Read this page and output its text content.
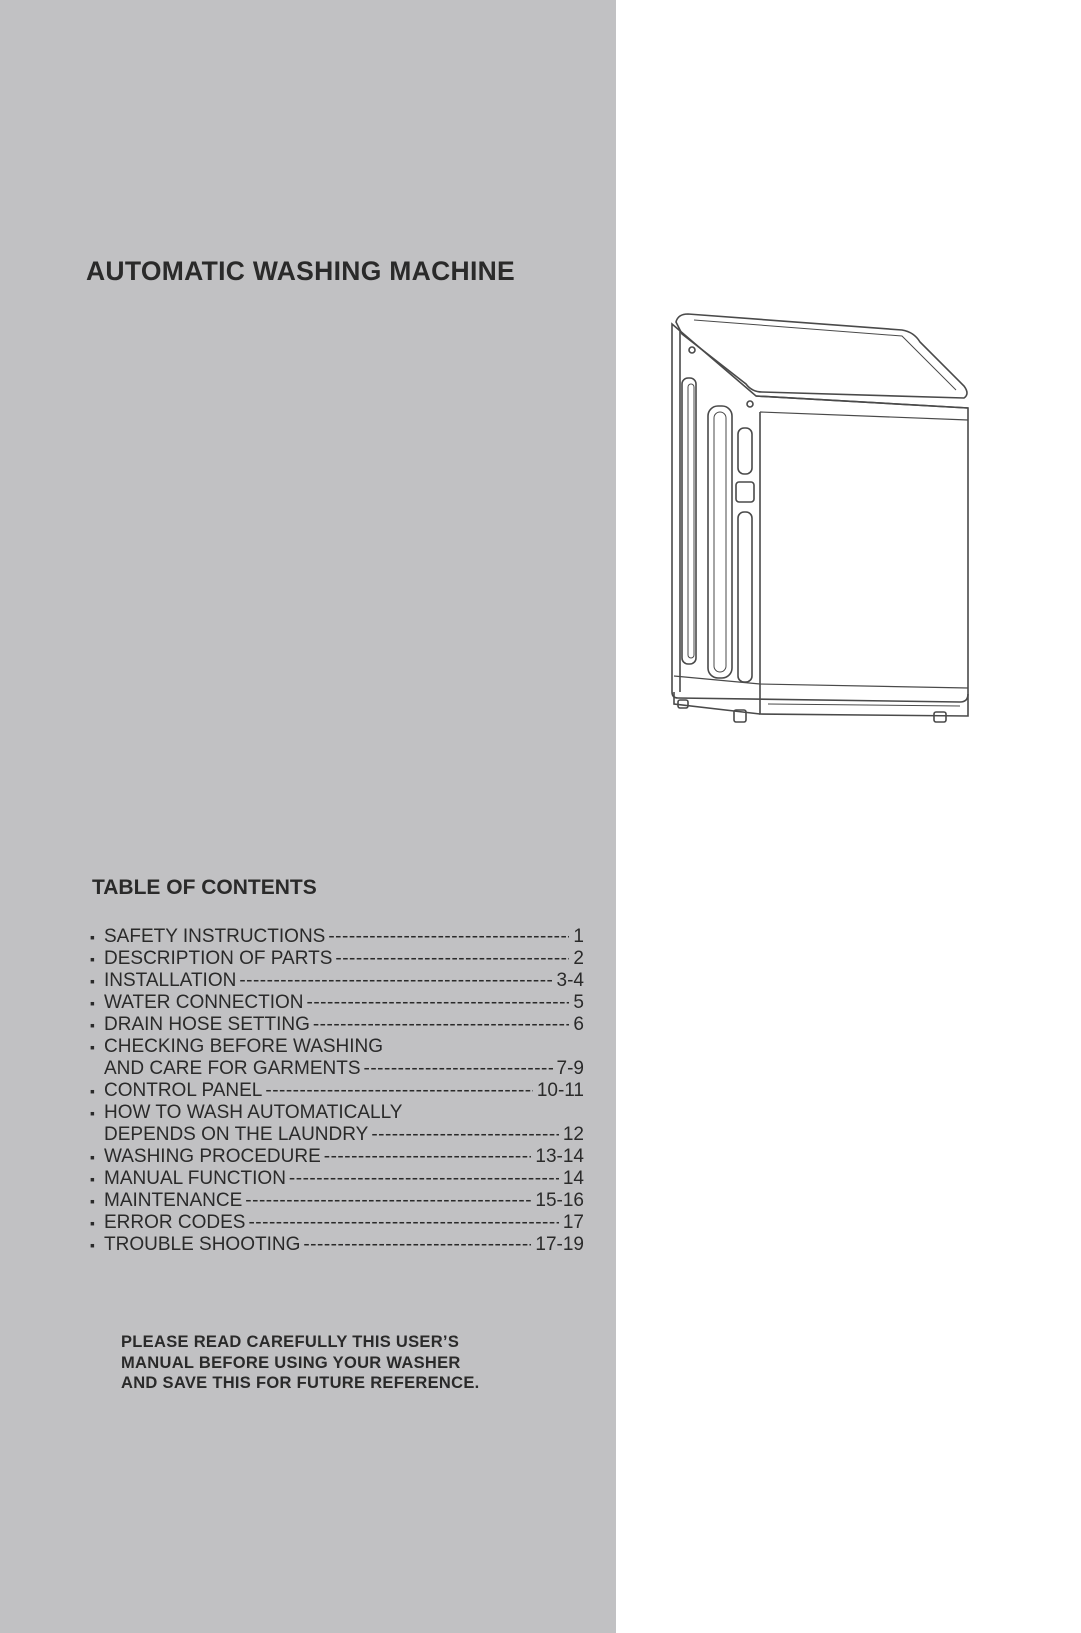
AUTOMATIC WASHING MACHINE
TABLE OF CONTENTS
▪ SAFETY INSTRUCTIONS -----	1
▪ DESCRIPTION OF PARTS -----	2
▪ INSTALLATION -----	3-4
▪ WATER CONNECTION -----	5
▪ DRAIN HOSE SETTING -----	6
▪ CHECKING BEFORE WASHING
AND CARE FOR GARMENTS -----	7-9
▪ CONTROL PANEL -----	10-11
▪ HOW TO WASH AUTOMATICALLY
DEPENDS ON THE LAUNDRY -----	12
▪ WASHING PROCEDURE -----	13-14
▪ MANUAL FUNCTION -----	14
▪ MAINTENANCE -----	15-16
▪ ERROR CODES -----	17
▪ TROUBLE SHOOTING -----	17-19
PLEASE READ CAREFULLY THIS USER’S
MANUAL BEFORE USING YOUR WASHER
AND SAVE THIS FOR FUTURE REFERENCE.
